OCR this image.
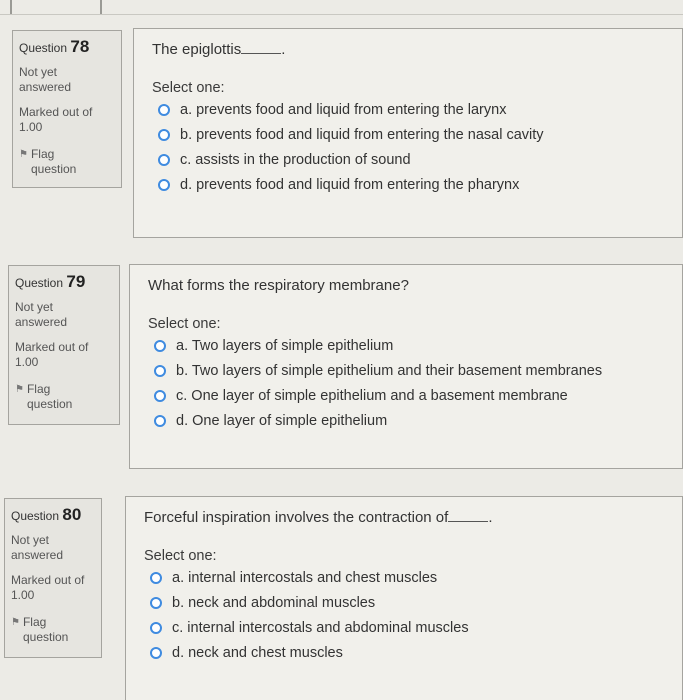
Question 78
Not yet
answered
Marked out of
1.00
⚑ Flag
question
The epiglottis	.
Select one:
a. prevents food and liquid from entering the larynx
b. prevents food and liquid from entering the nasal cavity
c. assists in the production of sound
d. prevents food and liquid from entering the pharynx
Question 79
Not yet
answered
Marked out of
1.00
⚑ Flag
question
What forms the respiratory membrane?
Select one:
a. Two layers of simple epithelium
b. Two layers of simple epithelium and their basement membranes
c. One layer of simple epithelium and a basement membrane
d. One layer of simple epithelium
Question 80
Not yet
answered
Marked out of
1.00
⚑ Flag
question
Forceful inspiration involves the contraction of	.
Select one:
a. internal intercostals and chest muscles
b. neck and abdominal muscles
c. internal intercostals and abdominal muscles
d. neck and chest muscles
